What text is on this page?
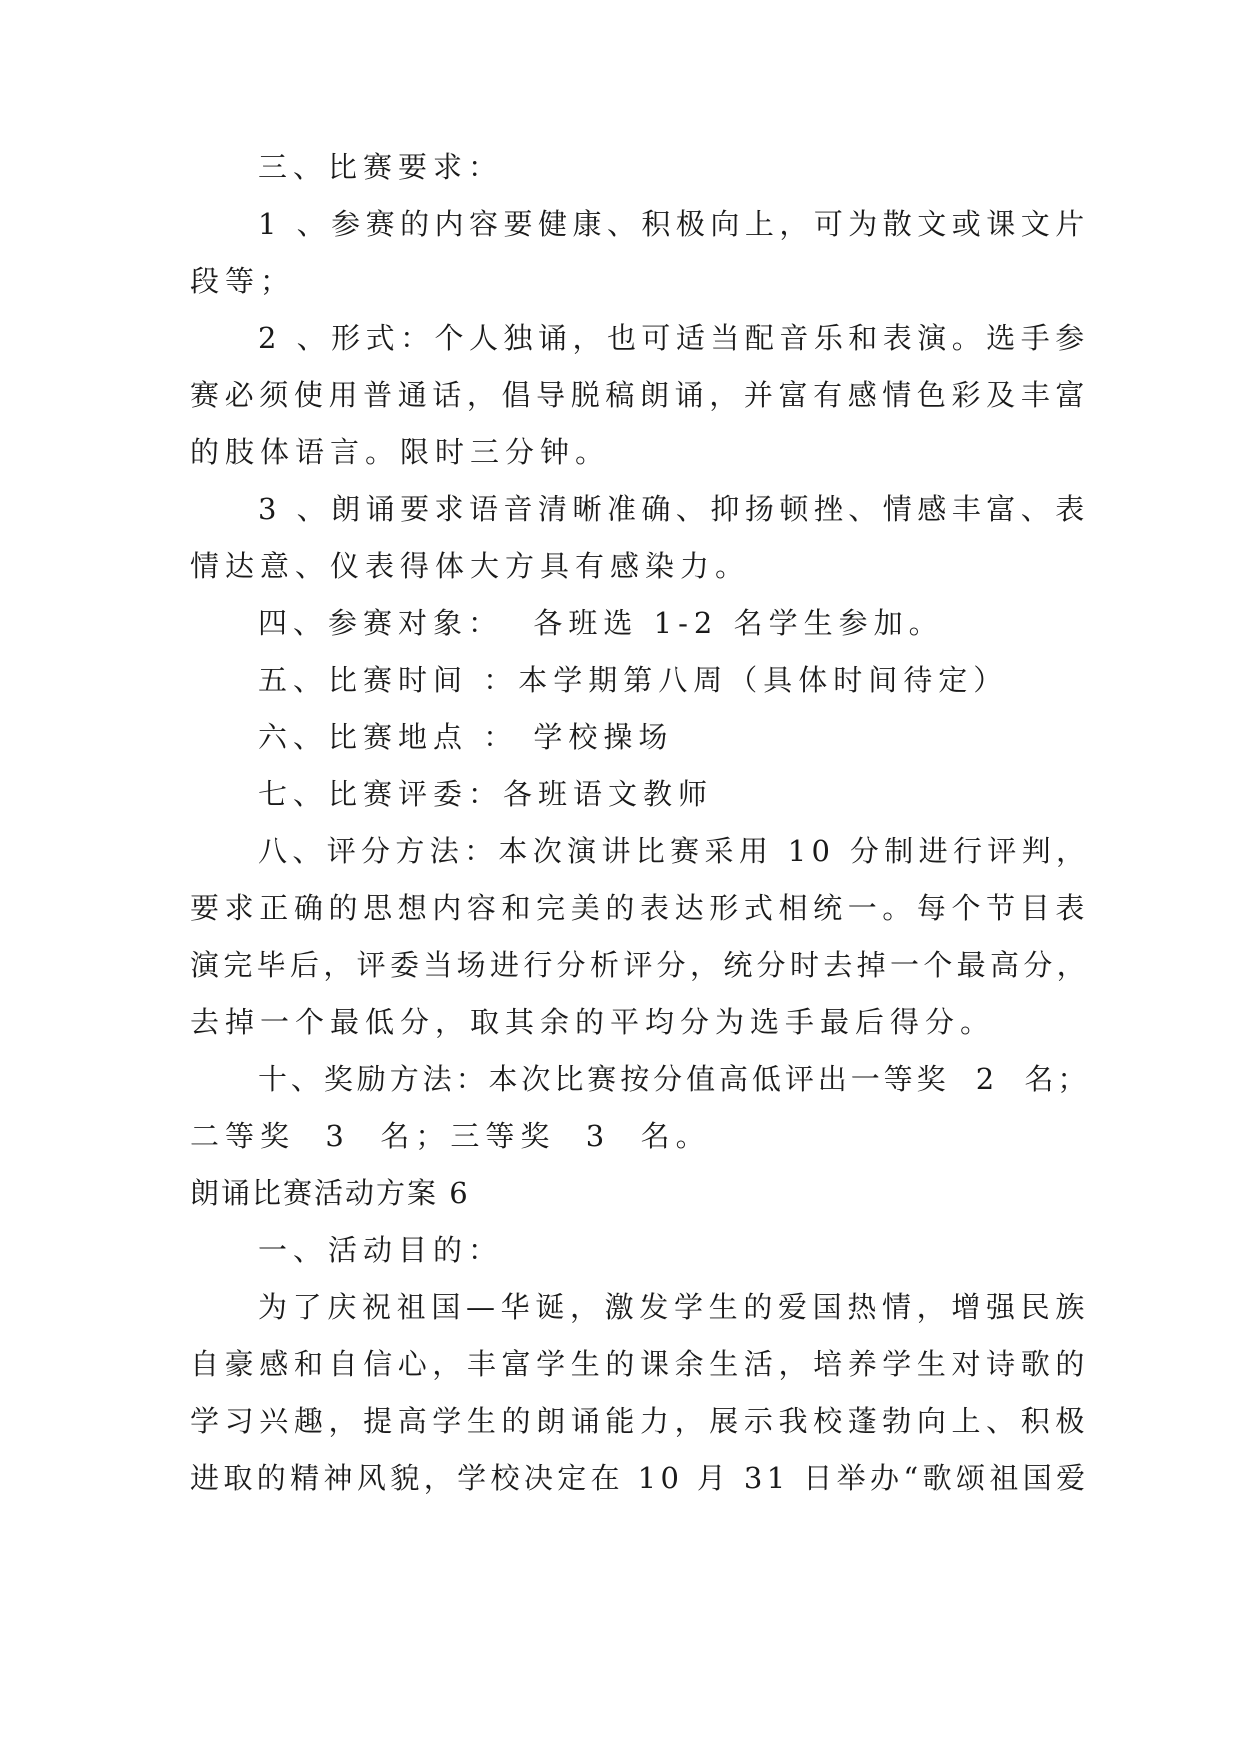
三、比赛要求：
1 、参赛的内容要健康、积极向上，可为散文或课文片
段等；
2 、形式：个人独诵，也可适当配音乐和表演。选手参
赛必须使用普通话，倡导脱稿朗诵，并富有感情色彩及丰富
的肢体语言。限时三分钟。
3 、朗诵要求语音清晰准确、抑扬顿挫、情感丰富、表
情达意、仪表得体大方具有感染力。
四、参赛对象：  各班选 1-2 名学生参加。
五、比赛时间 ：本学期第八周（具体时间待定）
六、比赛地点 ： 学校操场
七、比赛评委：各班语文教师
八、评分方法：本次演讲比赛采用 10 分制进行评判，
要求正确的思想内容和完美的表达形式相统一。每个节目表
演完毕后，评委当场进行分析评分，统分时去掉一个最高分，
去掉一个最低分，取其余的平均分为选手最后得分。
十、奖励方法：本次比赛按分值高低评出一等奖  2  名；
二等奖  3  名；三等奖  3  名。
朗诵比赛活动方案 6
一、活动目的：
为了庆祝祖国—华诞，激发学生的爱国热情，增强民族
自豪感和自信心，丰富学生的课余生活，培养学生对诗歌的
学习兴趣，提高学生的朗诵能力，展示我校蓬勃向上、积极
进取的精神风貌，学校决定在 10 月 31 日举办“歌颂祖国爱
